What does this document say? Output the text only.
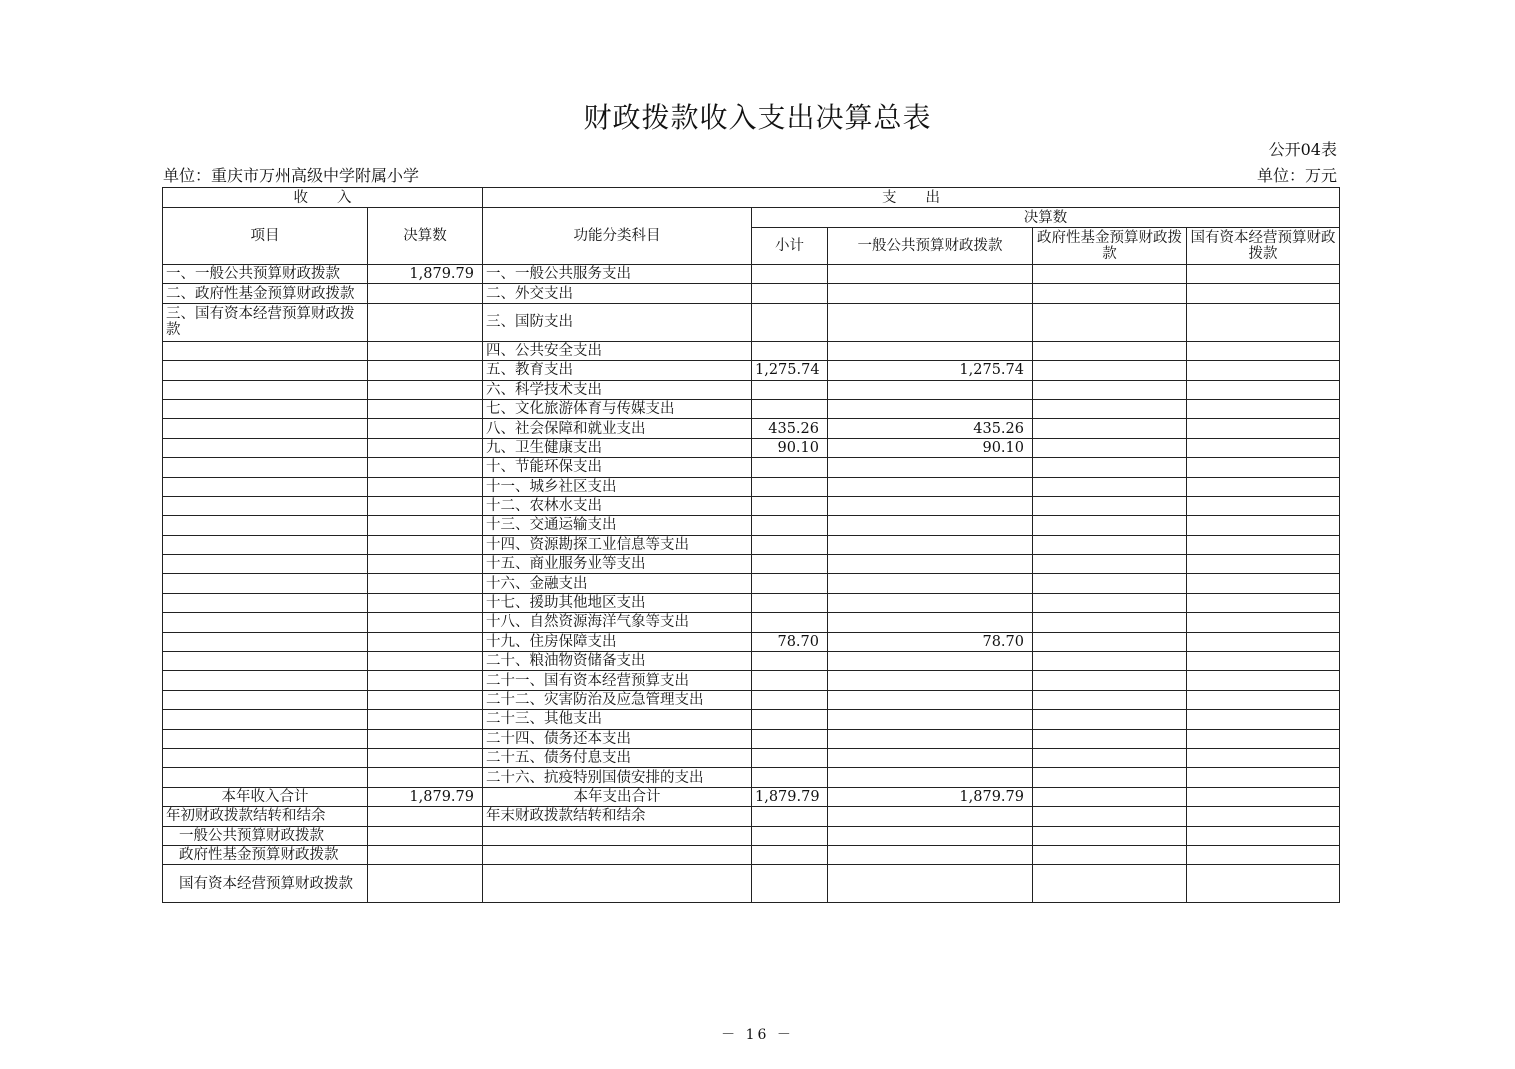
财政拨款收入支出决算总表
公开04表
单位：重庆市万州高级中学附属小学	单位：万元
收　　入		支　　出				
项目	决算数	功能分类科目	决算数			
			小计	一般公共预算财政拨款	政府性基金预算财政拨款	国有资本经营预算财政拨款
一、一般公共预算财政拨款	1,879.79	一、一般公共服务支出				
二、政府性基金预算财政拨款		二、外交支出				
三、国有资本经营预算财政拨款		三、国防支出				
		四、公共安全支出				
		五、教育支出	1,275.74	1,275.74		
		六、科学技术支出				
		七、文化旅游体育与传媒支出				
		八、社会保障和就业支出	435.26	435.26		
		九、卫生健康支出	90.10	90.10		
		十、节能环保支出				
		十一、城乡社区支出				
		十二、农林水支出				
		十三、交通运输支出				
		十四、资源勘探工业信息等支出				
		十五、商业服务业等支出				
		十六、金融支出				
		十七、援助其他地区支出				
		十八、自然资源海洋气象等支出				
		十九、住房保障支出	78.70	78.70		
		二十、粮油物资储备支出				
		二十一、国有资本经营预算支出				
		二十二、灾害防治及应急管理支出				
		二十三、其他支出				
		二十四、债务还本支出				
		二十五、债务付息支出				
		二十六、抗疫特别国债安排的支出				
本年收入合计	1,879.79	本年支出合计	1,879.79	1,879.79		
年初财政拨款结转和结余		年末财政拨款结转和结余				
一般公共预算财政拨款						
政府性基金预算财政拨款						
国有资本经营预算财政拨款						
－ 16 －
